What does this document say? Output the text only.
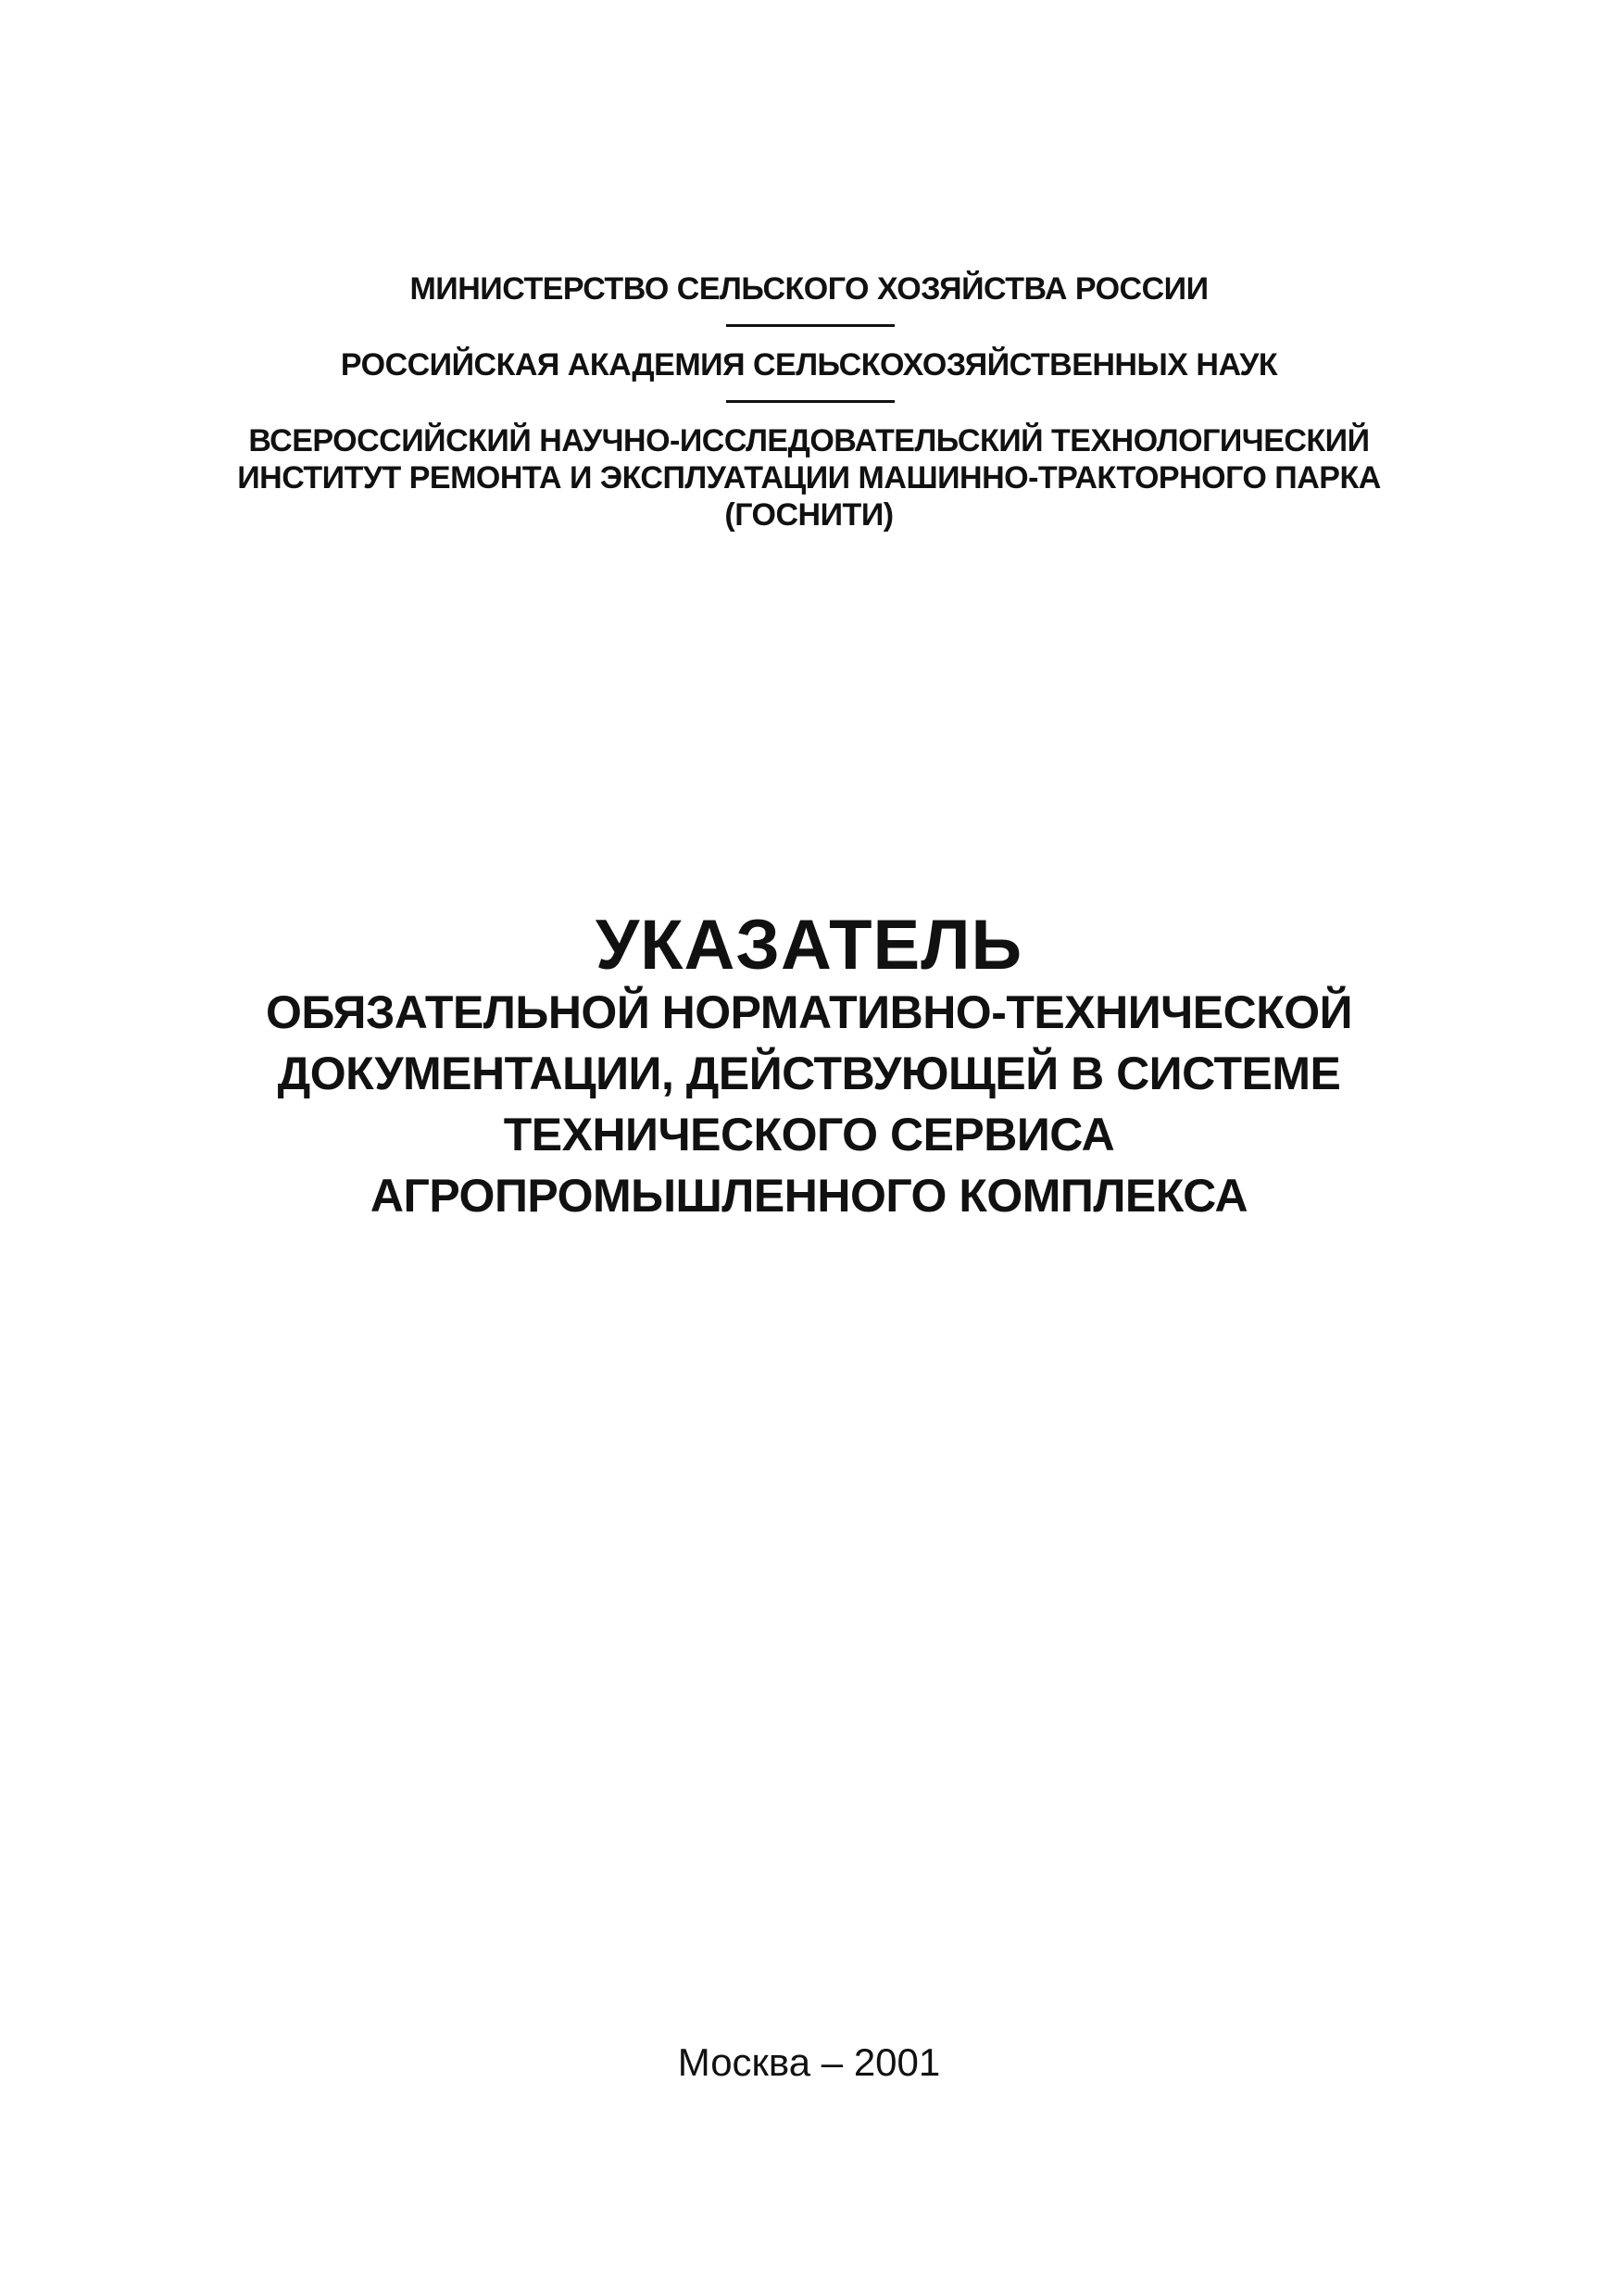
МИНИСТЕРСТВО СЕЛЬСКОГО ХОЗЯЙСТВА РОССИИ
РОССИЙСКАЯ АКАДЕМИЯ СЕЛЬСКОХОЗЯЙСТВЕННЫХ НАУК
ВСЕРОССИЙСКИЙ НАУЧНО-ИССЛЕДОВАТЕЛЬСКИЙ ТЕХНОЛОГИЧЕСКИЙ
ИНСТИТУТ РЕМОНТА И ЭКСПЛУАТАЦИИ МАШИННО-ТРАКТОРНОГО ПАРКА
(ГОСНИТИ)
УКАЗАТЕЛЬ
ОБЯЗАТЕЛЬНОЙ НОРМАТИВНО-ТЕХНИЧЕСКОЙ
ДОКУМЕНТАЦИИ, ДЕЙСТВУЮЩЕЙ В СИСТЕМЕ
ТЕХНИЧЕСКОГО СЕРВИСА
АГРОПРОМЫШЛЕННОГО КОМПЛЕКСА
Москва – 2001
